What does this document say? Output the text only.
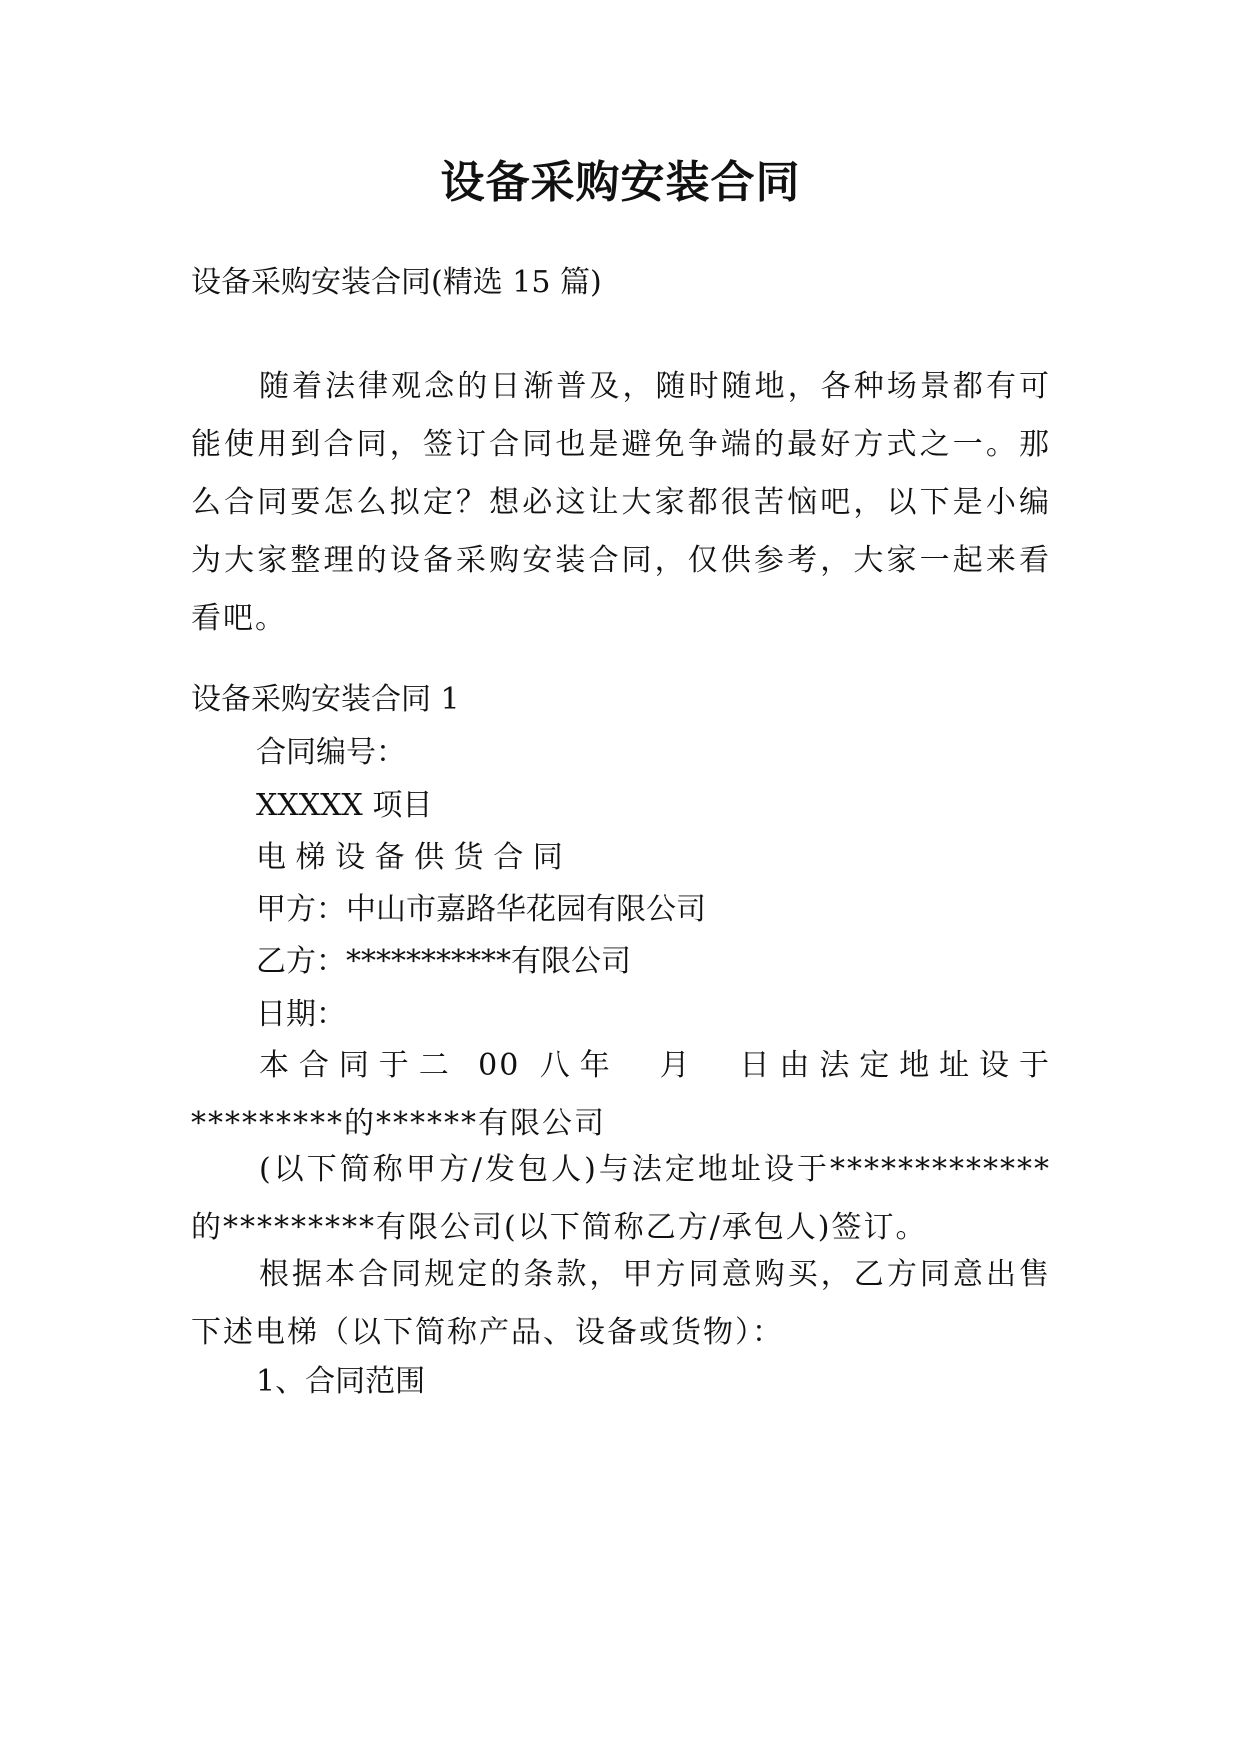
设备采购安装合同
设备采购安装合同(精选 15 篇)
随着法律观念的日渐普及，随时随地，各种场景都有可能使用到合同，签订合同也是避免争端的最好方式之一。那么合同要怎么拟定？想必这让大家都很苦恼吧，以下是小编为大家整理的设备采购安装合同，仅供参考，大家一起来看看吧。
设备采购安装合同 1
合同编号：
XXXXX 项目
电 梯 设 备 供 货 合 同
甲方：中山市嘉路华花园有限公司
乙方：***********有限公司
日期：
本合同于二 00 八年　月　日由法定地址设于*********的******有限公司
(以下简称甲方/发包人)与法定地址设于*************的*********有限公司(以下简称乙方/承包人)签订。
根据本合同规定的条款，甲方同意购买，乙方同意出售下述电梯（以下简称产品、设备或货物）：
1、合同范围
